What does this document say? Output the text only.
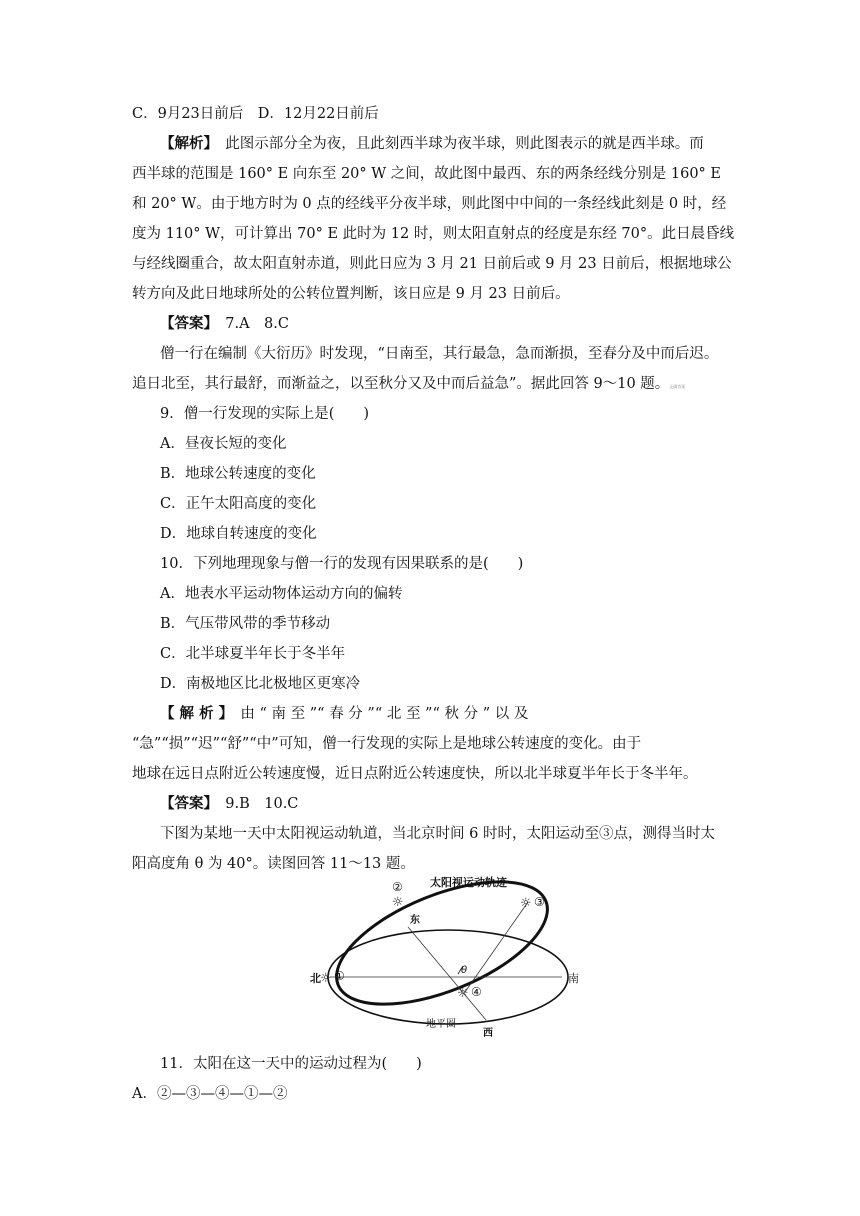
C．9月23日前后　D．12月22日前后
【解析】　此图示部分全为夜，且此刻西半球为夜半球，则此图表示的就是西半球。而
西半球的范围是 160° E 向东至 20° W 之间，故此图中最西、东的两条经线分别是 160° E
和 20° W。由于地方时为 0 点的经线平分夜半球，则此图中中间的一条经线此刻是 0 时，经
度为 110° W，可计算出 70° E 此时为 12 时，则太阳直射点的经度是东经 70°。此日晨昏线
与经线圈重合，故太阳直射赤道，则此日应为 3 月 21 日前后或 9 月 23 日前后，根据地球公
转方向及此日地球所处的公转位置判断，该日应是 9 月 23 日前后。
【答案】　7.A　8.C
僧一行在编制《大衍历》时发现，“日南至，其行最急，急而渐损，至春分及中而后迟。
追日北至，其行最舒，而渐益之，以至秋分又及中而后益急”。据此回答 9～10 题。正确答案
9．僧一行发现的实际上是(　　)
A．昼夜长短的变化
B．地球公转速度的变化
C．正午太阳高度的变化
D．地球自转速度的变化
10．下列地理现象与僧一行的发现有因果联系的是(　　)
A．地表水平运动物体运动方向的偏转
B．气压带风带的季节移动
C．北半球夏半年长于冬半年
D．南极地区比北极地区更寒冷
【 解 析 】　由 “ 南 至 ”“ 春 分 ”“ 北 至 ”“ 秋 分 ” 以 及
“急”“损”“迟”“舒”“中”可知，僧一行发现的实际上是地球公转速度的变化。由于
地球在远日点附近公转速度慢，近日点附近公转速度快，所以北半球夏半年长于冬半年。
【答案】　9.B　10.C
下图为某地一天中太阳视运动轨道，当北京时间 6 时时，太阳运动至③点，测得当时太
阳高度角 θ 为 40°。读图回答 11～13 题。
太阳视运动轨迹
地平圈
北	南
东
西
θ
☼
②
☼ ③
☼ ①
☼ ④
11．太阳在这一天中的运动过程为(　　)
A．②—③—④—①—②
